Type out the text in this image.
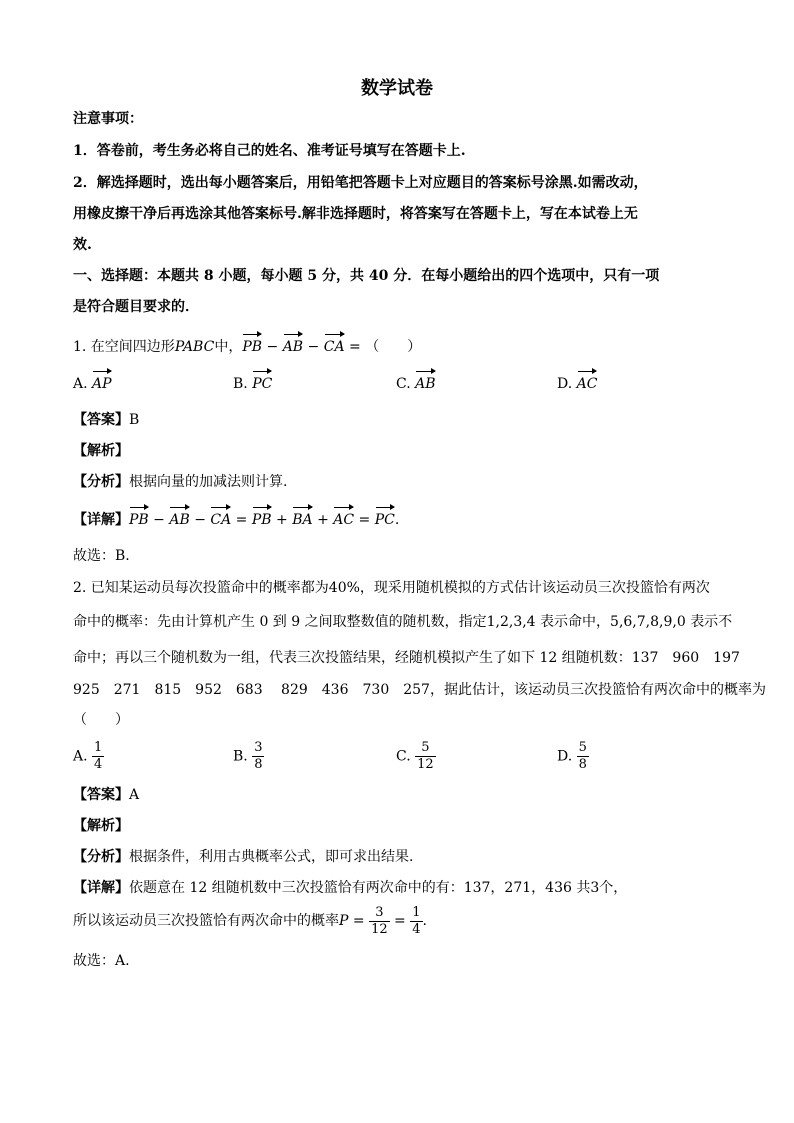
数学试卷
注意事项：
1．答卷前，考生务必将自己的姓名、准考证号填写在答题卡上.
2．解选择题时，选出每小题答案后，用铅笔把答题卡上对应题目的答案标号涂黑.如需改动，
用橡皮擦干净后再选涂其他答案标号.解非选择题时，将答案写在答题卡上，写在本试卷上无
效.
一、选择题：本题共 8 小题，每小题 5 分，共 40 分．在每小题给出的四个选项中，只有一项
是符合题目要求的．
1. 在空间四边形PABC中，PB − AB − CA = （　　）
A. AP	B. PC	C. AB	D. AC
【答案】B
【解析】
【分析】根据向量的加减法则计算.
【详解】PB − AB − CA = PB + BA + AC = PC.
故选：B.
2. 已知某运动员每次投篮命中的概率都为40%，现采用随机模拟的方式估计该运动员三次投篮恰有两次
命中的概率：先由计算机产生 0 到 9 之间取整数值的随机数，指定1,2,3,4 表示命中，5,6,7,8,9,0 表示不
命中；再以三个随机数为一组，代表三次投篮结果，经随机模拟产生了如下 12 组随机数：137　960　197
925　271　815　952　683　 829　436　730　257，据此估计，该运动员三次投篮恰有两次命中的概率为
（　　）
A. $\frac{1}{4}$	B. $\frac{3}{8}$	C. $\frac{5}{12}$	D. $\frac{5}{8}$
【答案】A
【解析】
【分析】根据条件，利用古典概率公式，即可求出结果.
【详解】依题意在 12 组随机数中三次投篮恰有两次命中的有：137，271，436 共3个，
所以该运动员三次投篮恰有两次命中的概率$P = \frac{3}{12} = \frac{1}{4}$ .
故选：A.
